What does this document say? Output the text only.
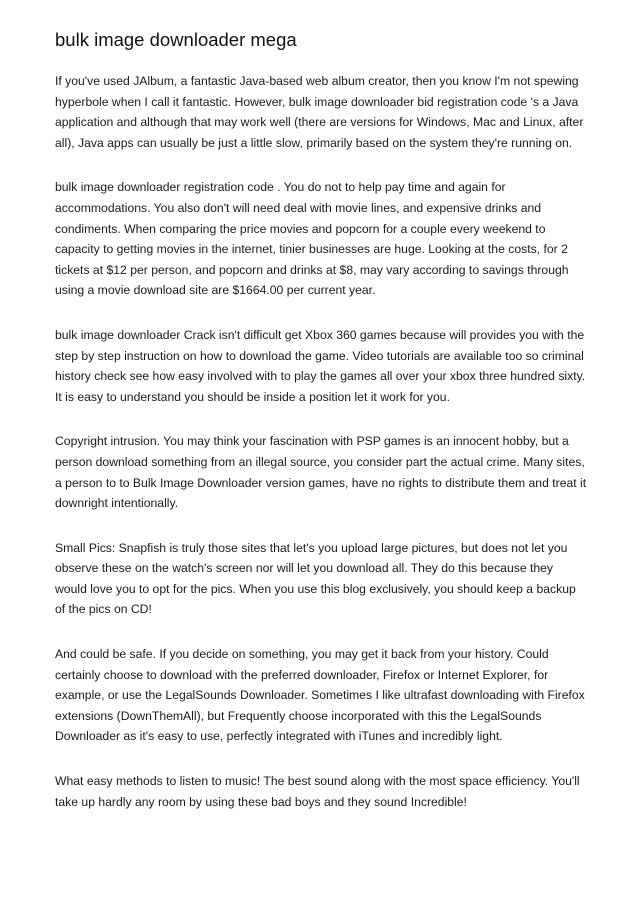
bulk image downloader mega

If you've used JAlbum, a fantastic Java-based web album creator, then you know I'm not spewing hyperbole when I call it fantastic. However, bulk image downloader bid registration code 's a Java application and although that may work well (there are versions for Windows, Mac and Linux, after all), Java apps can usually be just a little slow, primarily based on the system they're running on.

bulk image downloader registration code . You do not to help pay time and again for accommodations. You also don't will need deal with movie lines, and expensive drinks and condiments. When comparing the price movies and popcorn for a couple every weekend to capacity to getting movies in the internet, tinier businesses are huge. Looking at the costs, for 2 tickets at $12 per person, and popcorn and drinks at $8, may vary according to savings through using a movie download site are $1664.00 per current year.

bulk image downloader Crack isn't difficult get Xbox 360 games because will provides you with the step by step instruction on how to download the game. Video tutorials are available too so criminal history check see how easy involved with to play the games all over your xbox three hundred sixty. It is easy to understand you should be inside a position let it work for you.

Copyright intrusion. You may think your fascination with PSP games is an innocent hobby, but a person download something from an illegal source, you consider part the actual crime. Many sites, a person to to Bulk Image Downloader version games, have no rights to distribute them and treat it downright intentionally.

Small Pics: Snapfish is truly those sites that let's you upload large pictures, but does not let you observe these on the watch's screen nor will let you download all. They do this because they would love you to opt for the pics. When you use this blog exclusively, you should keep a backup of the pics on CD!

And could be safe. If you decide on something, you may get it back from your history. Could certainly choose to download with the preferred downloader, Firefox or Internet Explorer, for example, or use the LegalSounds Downloader. Sometimes I like ultrafast downloading with Firefox extensions (DownThemAll), but Frequently choose incorporated with this the LegalSounds Downloader as it's easy to use, perfectly integrated with iTunes and incredibly light.

What easy methods to listen to music! The best sound along with the most space efficiency. You'll take up hardly any room by using these bad boys and they sound Incredible!
